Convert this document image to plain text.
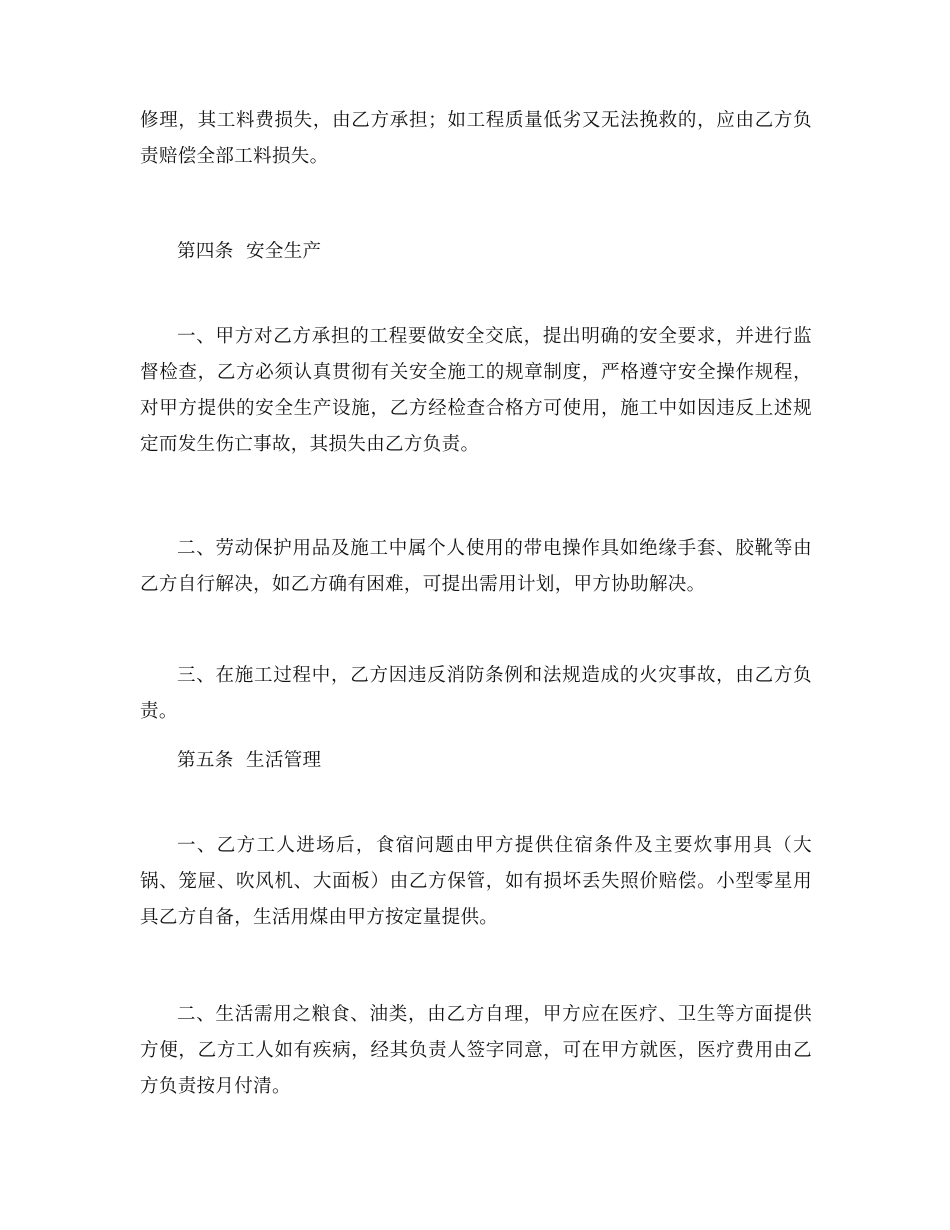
修理，其工料费损失，由乙方承担；如工程质量低劣又无法挽救的，应由乙方负责赔偿全部工料损失。

第四条  安全生产

一、甲方对乙方承担的工程要做安全交底，提出明确的安全要求，并进行监督检查，乙方必须认真贯彻有关安全施工的规章制度，严格遵守安全操作规程，对甲方提供的安全生产设施，乙方经检查合格方可使用，施工中如因违反上述规定而发生伤亡事故，其损失由乙方负责。

二、劳动保护用品及施工中属个人使用的带电操作具如绝缘手套、胶靴等由乙方自行解决，如乙方确有困难，可提出需用计划，甲方协助解决。

三、在施工过程中，乙方因违反消防条例和法规造成的火灾事故，由乙方负责。

第五条  生活管理

一、乙方工人进场后，食宿问题由甲方提供住宿条件及主要炊事用具（大锅、笼屉、吹风机、大面板）由乙方保管，如有损坏丢失照价赔偿。小型零星用具乙方自备，生活用煤由甲方按定量提供。

二、生活需用之粮食、油类，由乙方自理，甲方应在医疗、卫生等方面提供方便，乙方工人如有疾病，经其负责人签字同意，可在甲方就医，医疗费用由乙方负责按月付清。
